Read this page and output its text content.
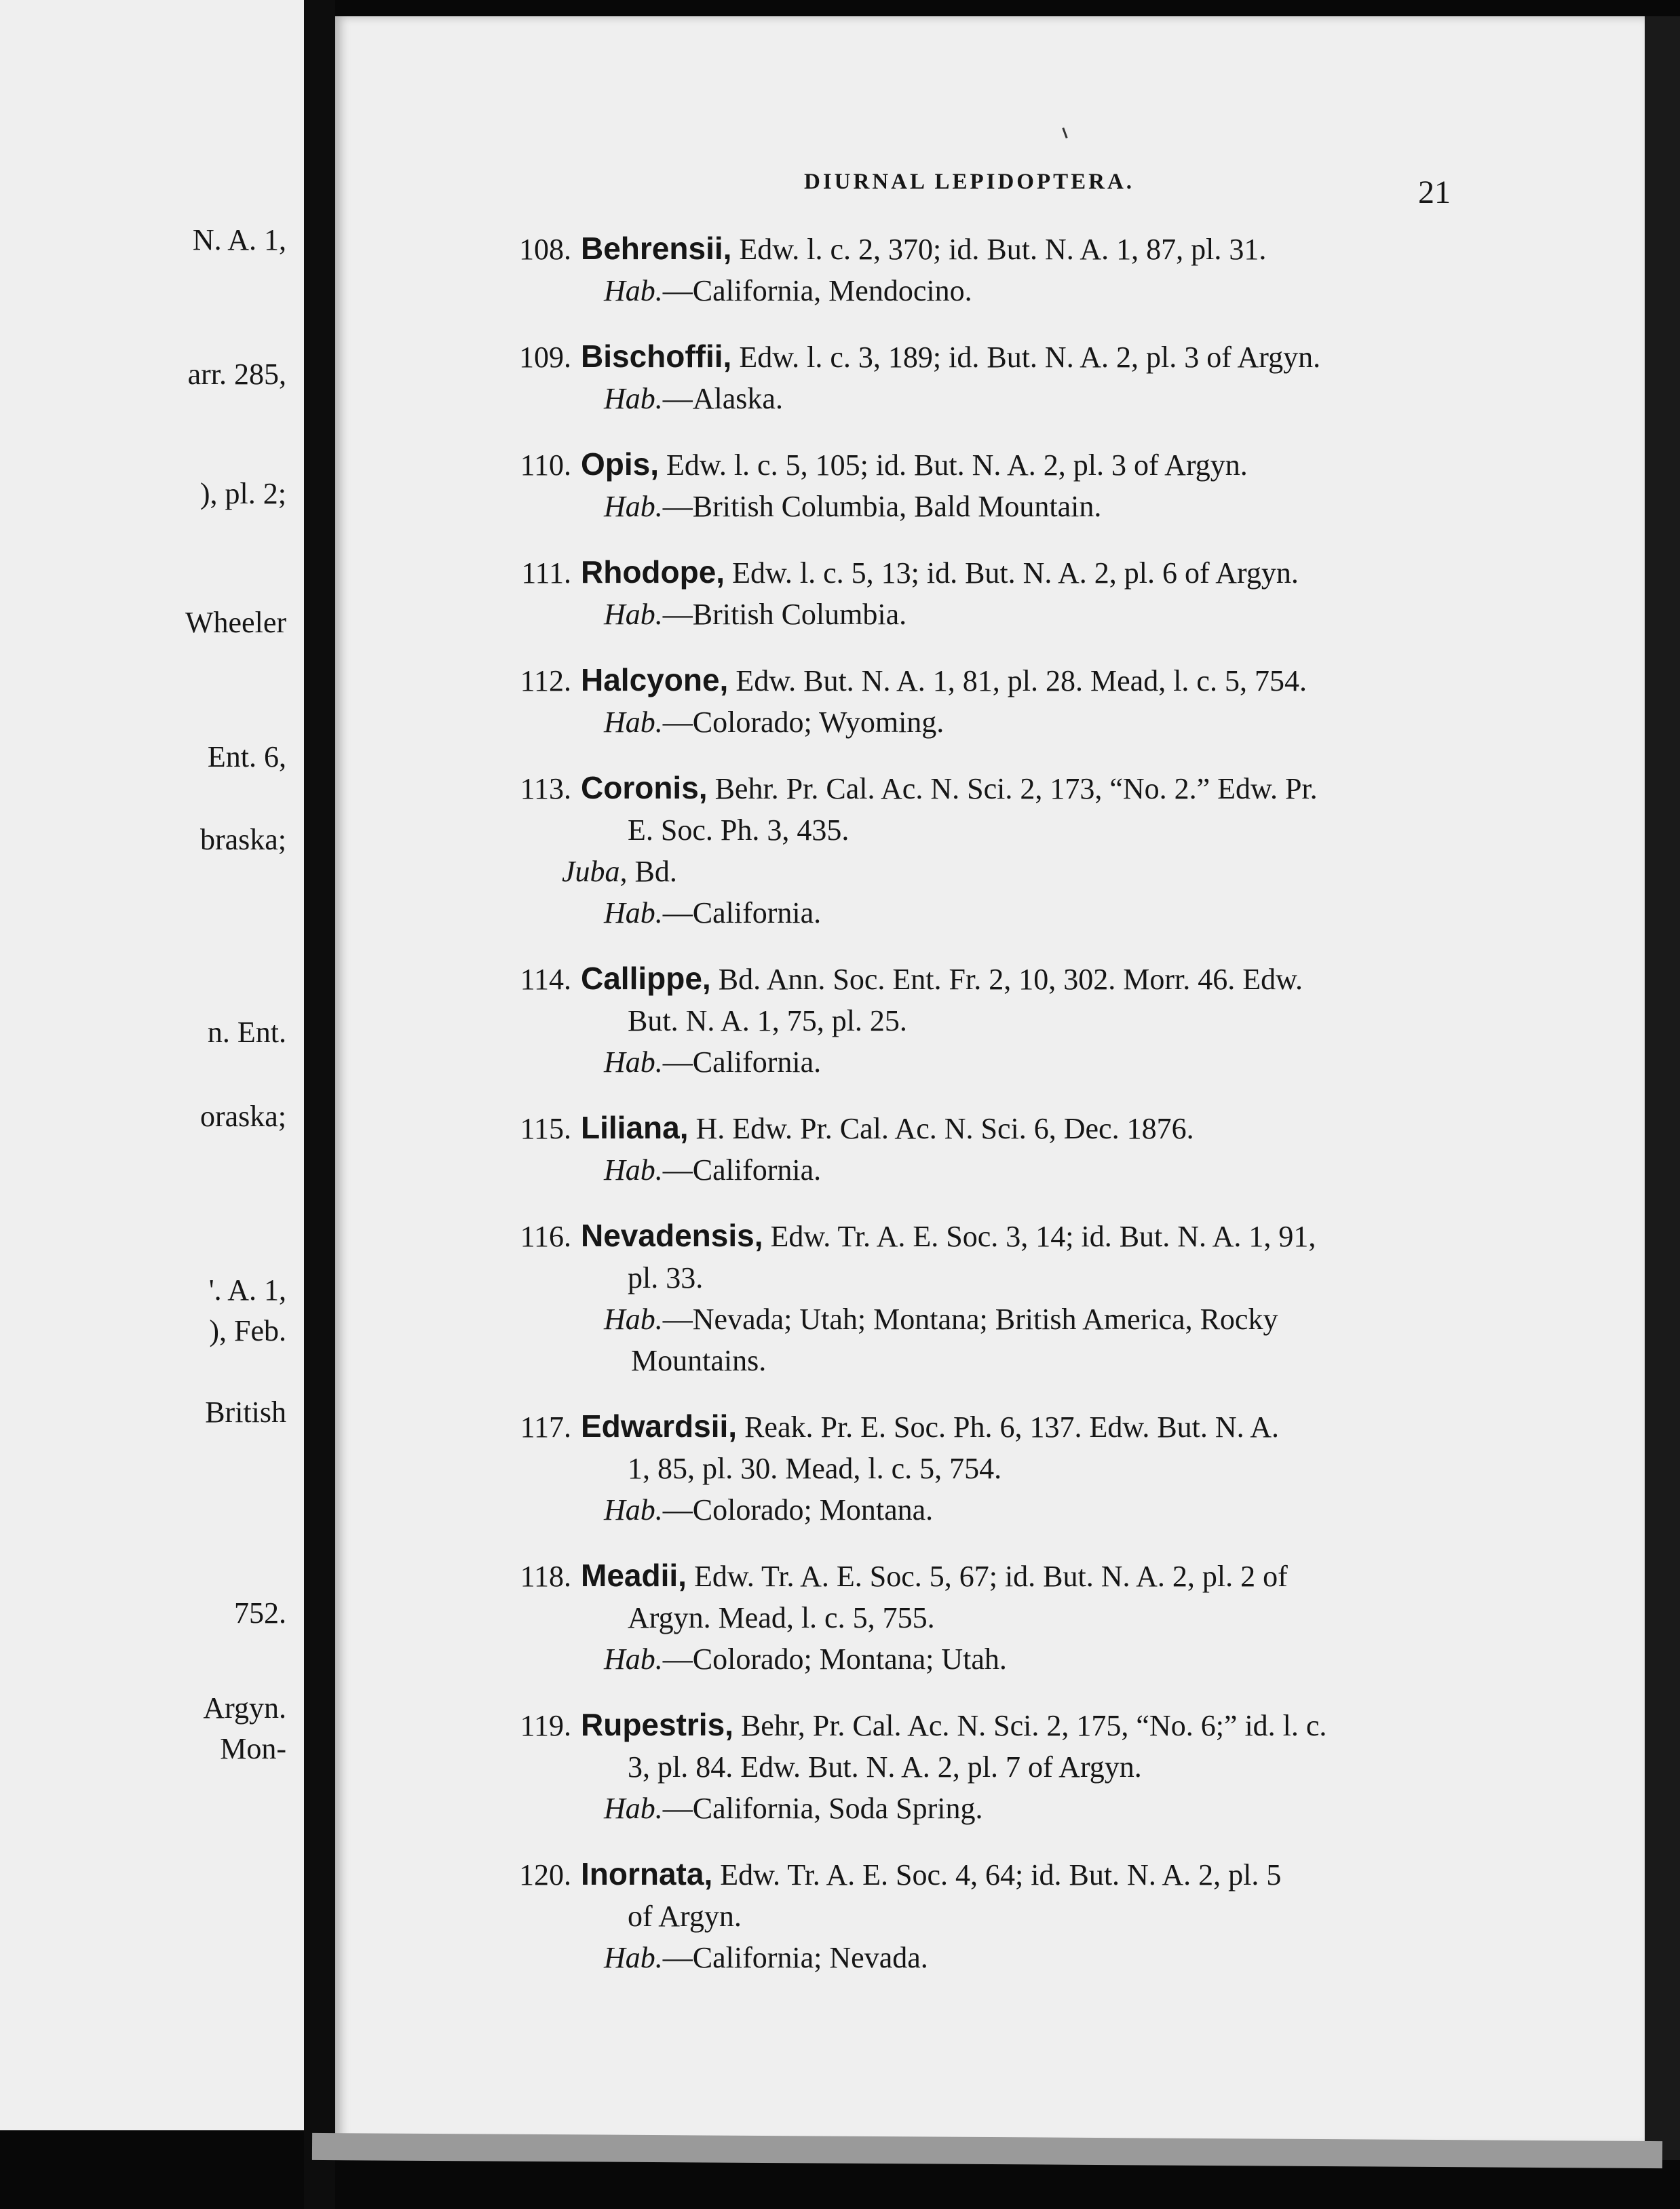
N. A. 1,
arr. 285,
), pl. 2;
Wheeler
Ent. 6,
braska;
n. Ent.
oraska;
'. A. 1,
), Feb.
British
752.
Argyn.
Mon-
DIURNAL LEPIDOPTERA.	21
108. Behrensii, Edw. l. c. 2, 370; id. But. N. A. 1, 87, pl. 31.
Hab.—California, Mendocino.
109. Bischoffii, Edw. l. c. 3, 189; id. But. N. A. 2, pl. 3 of Argyn.
Hab.—Alaska.
110. Opis, Edw. l. c. 5, 105; id. But. N. A. 2, pl. 3 of Argyn.
Hab.—British Columbia, Bald Mountain.
111. Rhodope, Edw. l. c. 5, 13; id. But. N. A. 2, pl. 6 of Argyn.
Hab.—British Columbia.
112. Halcyone, Edw. But. N. A. 1, 81, pl. 28. Mead, l. c. 5, 754.
Hab.—Colorado; Wyoming.
113. Coronis, Behr. Pr. Cal. Ac. N. Sci. 2, 173, “No. 2.” Edw. Pr.
E. Soc. Ph. 3, 435.
Juba, Bd.
Hab.—California.
114. Callippe, Bd. Ann. Soc. Ent. Fr. 2, 10, 302. Morr. 46. Edw.
But. N. A. 1, 75, pl. 25.
Hab.—California.
115. Liliana, H. Edw. Pr. Cal. Ac. N. Sci. 6, Dec. 1876.
Hab.—California.
116. Nevadensis, Edw. Tr. A. E. Soc. 3, 14; id. But. N. A. 1, 91,
pl. 33.
Hab.—Nevada; Utah; Montana; British America, Rocky
Mountains.
117. Edwardsii, Reak. Pr. E. Soc. Ph. 6, 137. Edw. But. N. A.
1, 85, pl. 30. Mead, l. c. 5, 754.
Hab.—Colorado; Montana.
118. Meadii, Edw. Tr. A. E. Soc. 5, 67; id. But. N. A. 2, pl. 2 of
Argyn. Mead, l. c. 5, 755.
Hab.—Colorado; Montana; Utah.
119. Rupestris, Behr, Pr. Cal. Ac. N. Sci. 2, 175, “No. 6;” id. l. c.
3, pl. 84. Edw. But. N. A. 2, pl. 7 of Argyn.
Hab.—California, Soda Spring.
120. Inornata, Edw. Tr. A. E. Soc. 4, 64; id. But. N. A. 2, pl. 5
of Argyn.
Hab.—California; Nevada.
